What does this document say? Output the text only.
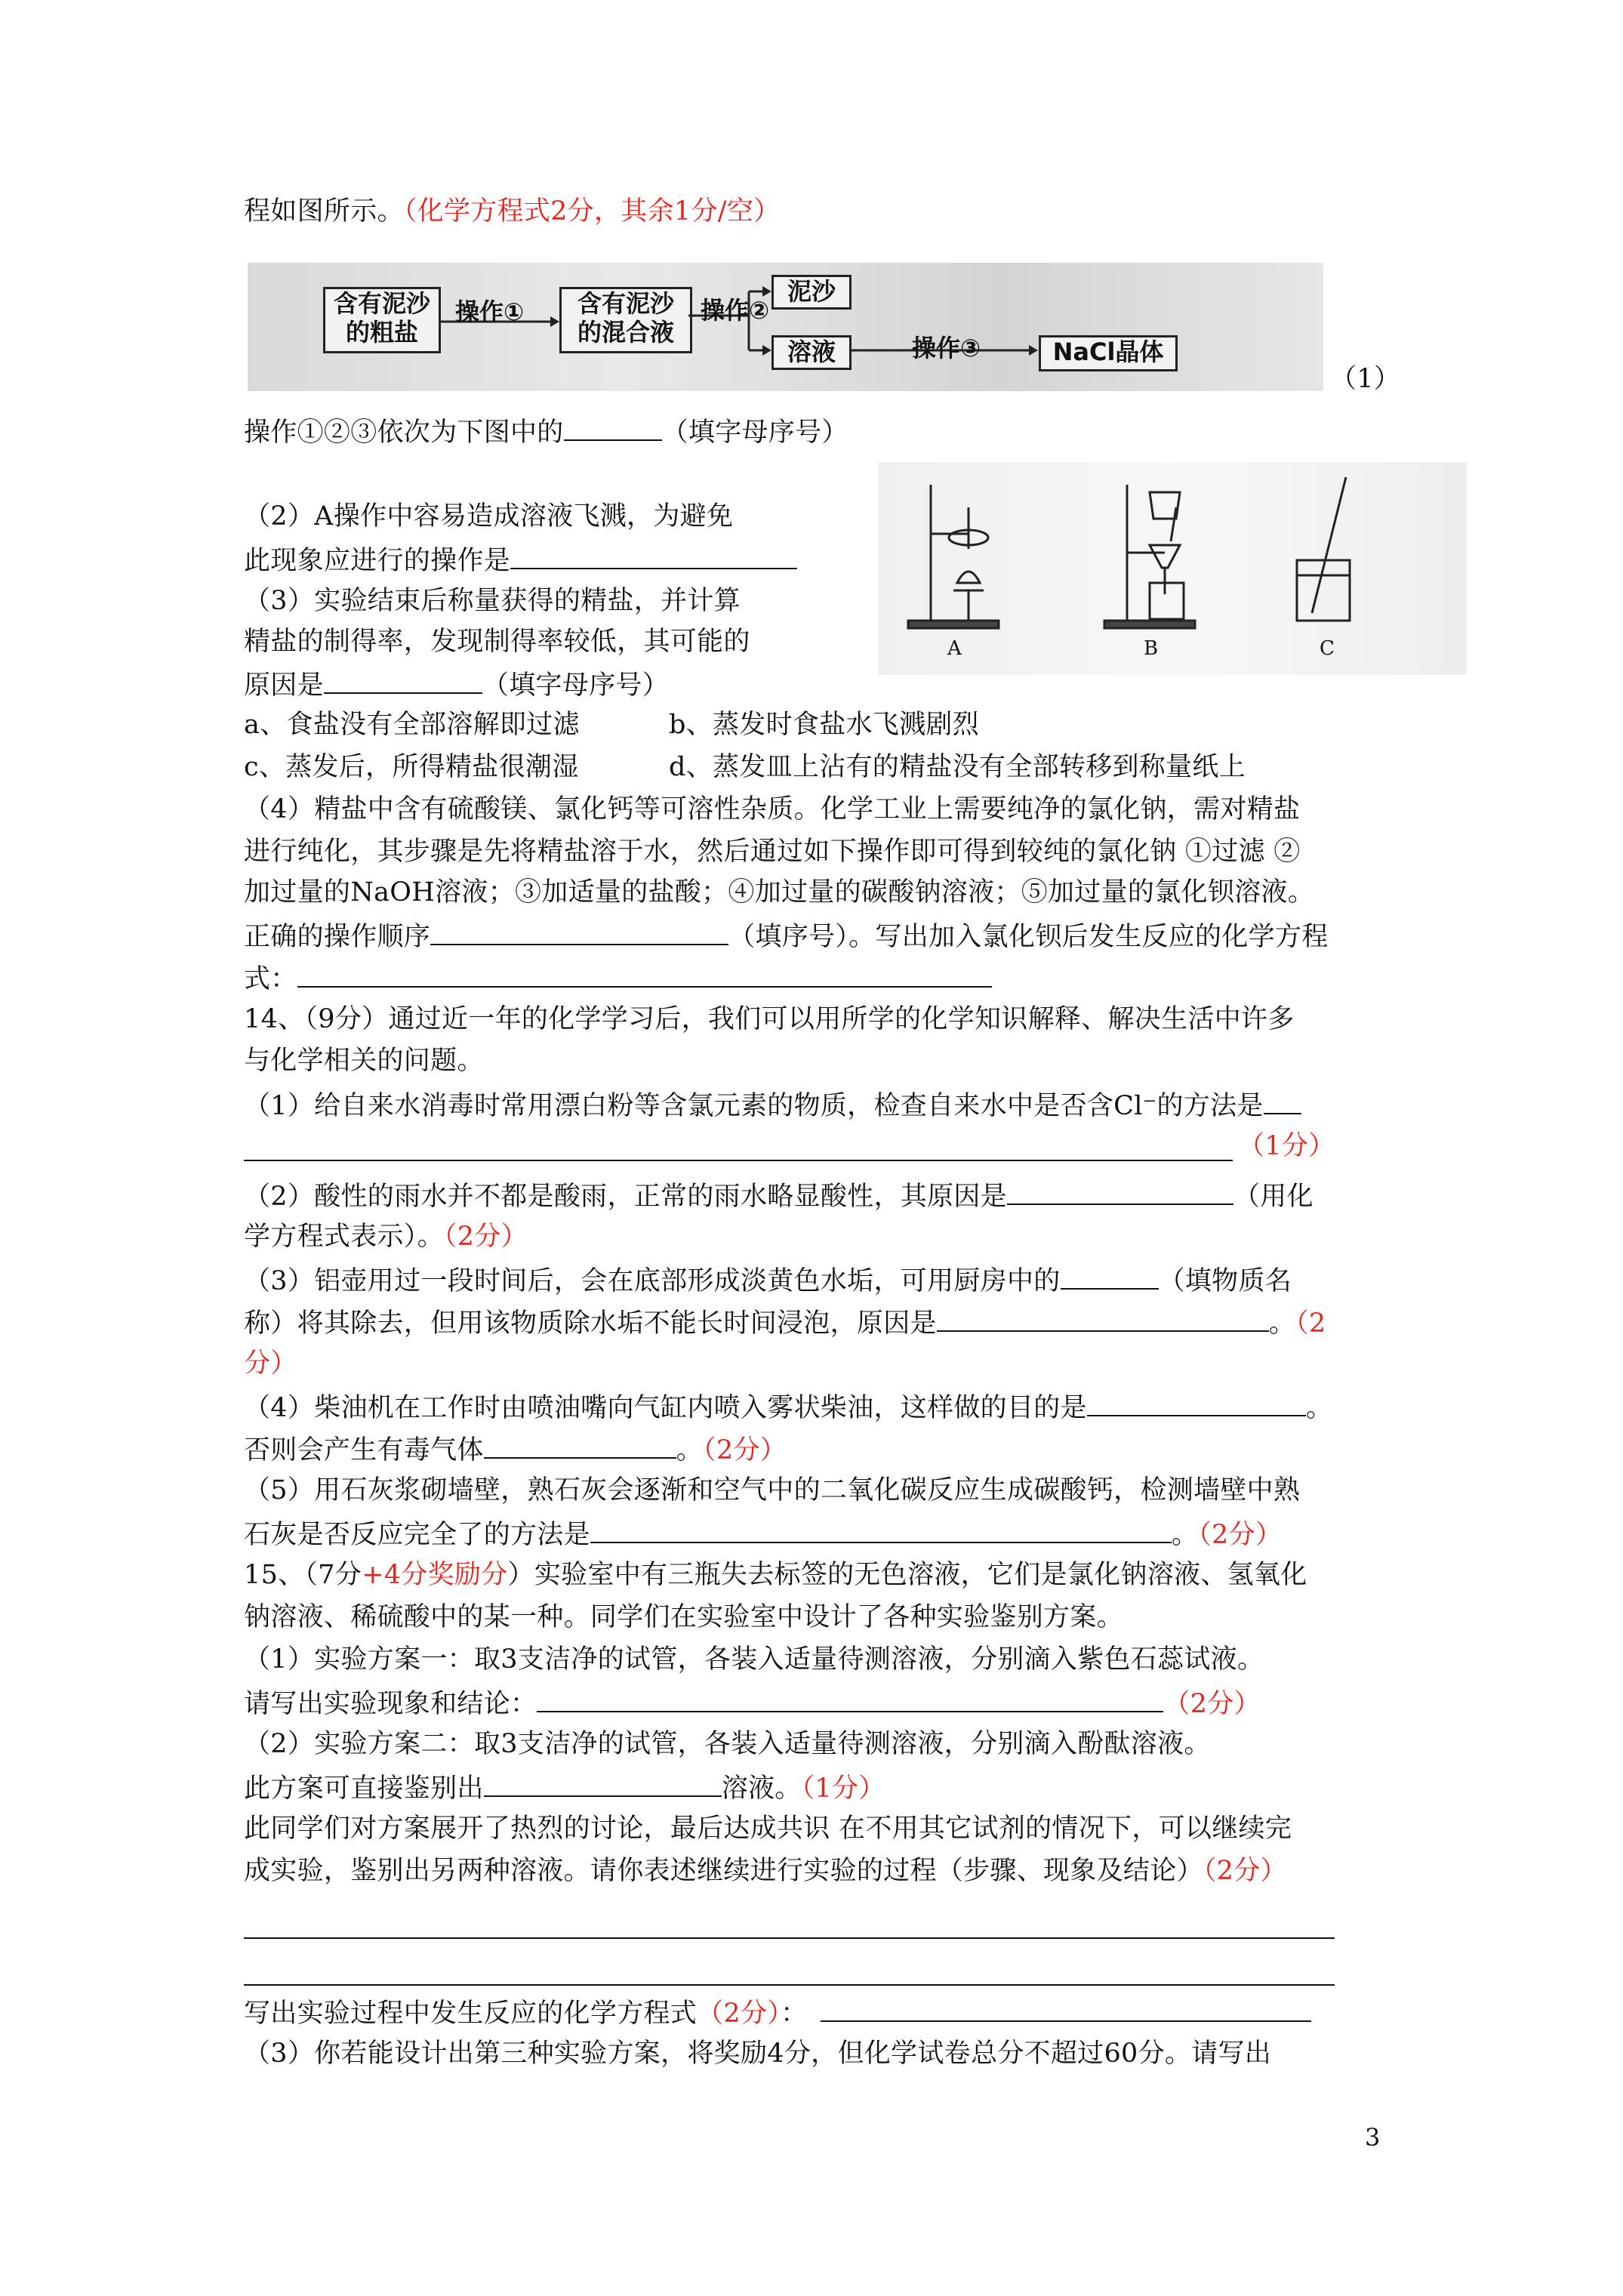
程如图所示。（化学方程式2分，其余1分/空）
含有泥沙
的粗盐
操作①	含有泥沙
的混合液
操作②
泥沙
溶液	操作③	NaCl晶体
（1）
操作①②③依次为下图中的	（填字母序号）
A	B	C
（2）A操作中容易造成溶液飞溅，为避免
此现象应进行的操作是
（3）实验结束后称量获得的精盐，并计算
精盐的制得率，发现制得率较低，其可能的
原因是	（填字母序号）
a、食盐没有全部溶解即过滤	b、蒸发时食盐水飞溅剧烈
c、蒸发后，所得精盐很潮湿	d、蒸发皿上沾有的精盐没有全部转移到称量纸上
（4）精盐中含有硫酸镁、氯化钙等可溶性杂质。化学工业上需要纯净的氯化钠，需对精盐
进行纯化，其步骤是先将精盐溶于水，然后通过如下操作即可得到较纯的氯化钠 ①过滤 ②
加过量的NaOH溶液；③加适量的盐酸；④加过量的碳酸钠溶液；⑤加过量的氯化钡溶液。
正确的操作顺序	（填序号）。写出加入氯化钡后发生反应的化学方程
式：
14、（9分）通过近一年的化学学习后，我们可以用所学的化学知识解释、解决生活中许多
与化学相关的问题。
（1）给自来水消毒时常用漂白粉等含氯元素的物质，检查自来水中是否含Cl⁻的方法是
（1分）
（2）酸性的雨水并不都是酸雨，正常的雨水略显酸性，其原因是	（用化
学方程式表示）。（2分）
（3）铝壶用过一段时间后，会在底部形成淡黄色水垢，可用厨房中的	（填物质名
称）将其除去，但用该物质除水垢不能长时间浸泡，原因是	。（2
分）
（4）柴油机在工作时由喷油嘴向气缸内喷入雾状柴油，这样做的目的是	。
否则会产生有毒气体	。（2分）
（5）用石灰浆砌墙壁，熟石灰会逐渐和空气中的二氧化碳反应生成碳酸钙，检测墙壁中熟
石灰是否反应完全了的方法是	。（2分）
15、（7分+4分奖励分）实验室中有三瓶失去标签的无色溶液，它们是氯化钠溶液、氢氧化
钠溶液、稀硫酸中的某一种。同学们在实验室中设计了各种实验鉴别方案。
（1）实验方案一：取3支洁净的试管，各装入适量待测溶液，分别滴入紫色石蕊试液。
请写出实验现象和结论：	（2分）
（2）实验方案二：取3支洁净的试管，各装入适量待测溶液，分别滴入酚酞溶液。
此方案可直接鉴别出	溶液。（1分）
此同学们对方案展开了热烈的讨论，最后达成共识 在不用其它试剂的情况下，可以继续完
成实验，鉴别出另两种溶液。请你表述继续进行实验的过程（步骤、现象及结论）（2分）
写出实验过程中发生反应的化学方程式（2分）：
（3）你若能设计出第三种实验方案，将奖励4分，但化学试卷总分不超过60分。请写出
3
